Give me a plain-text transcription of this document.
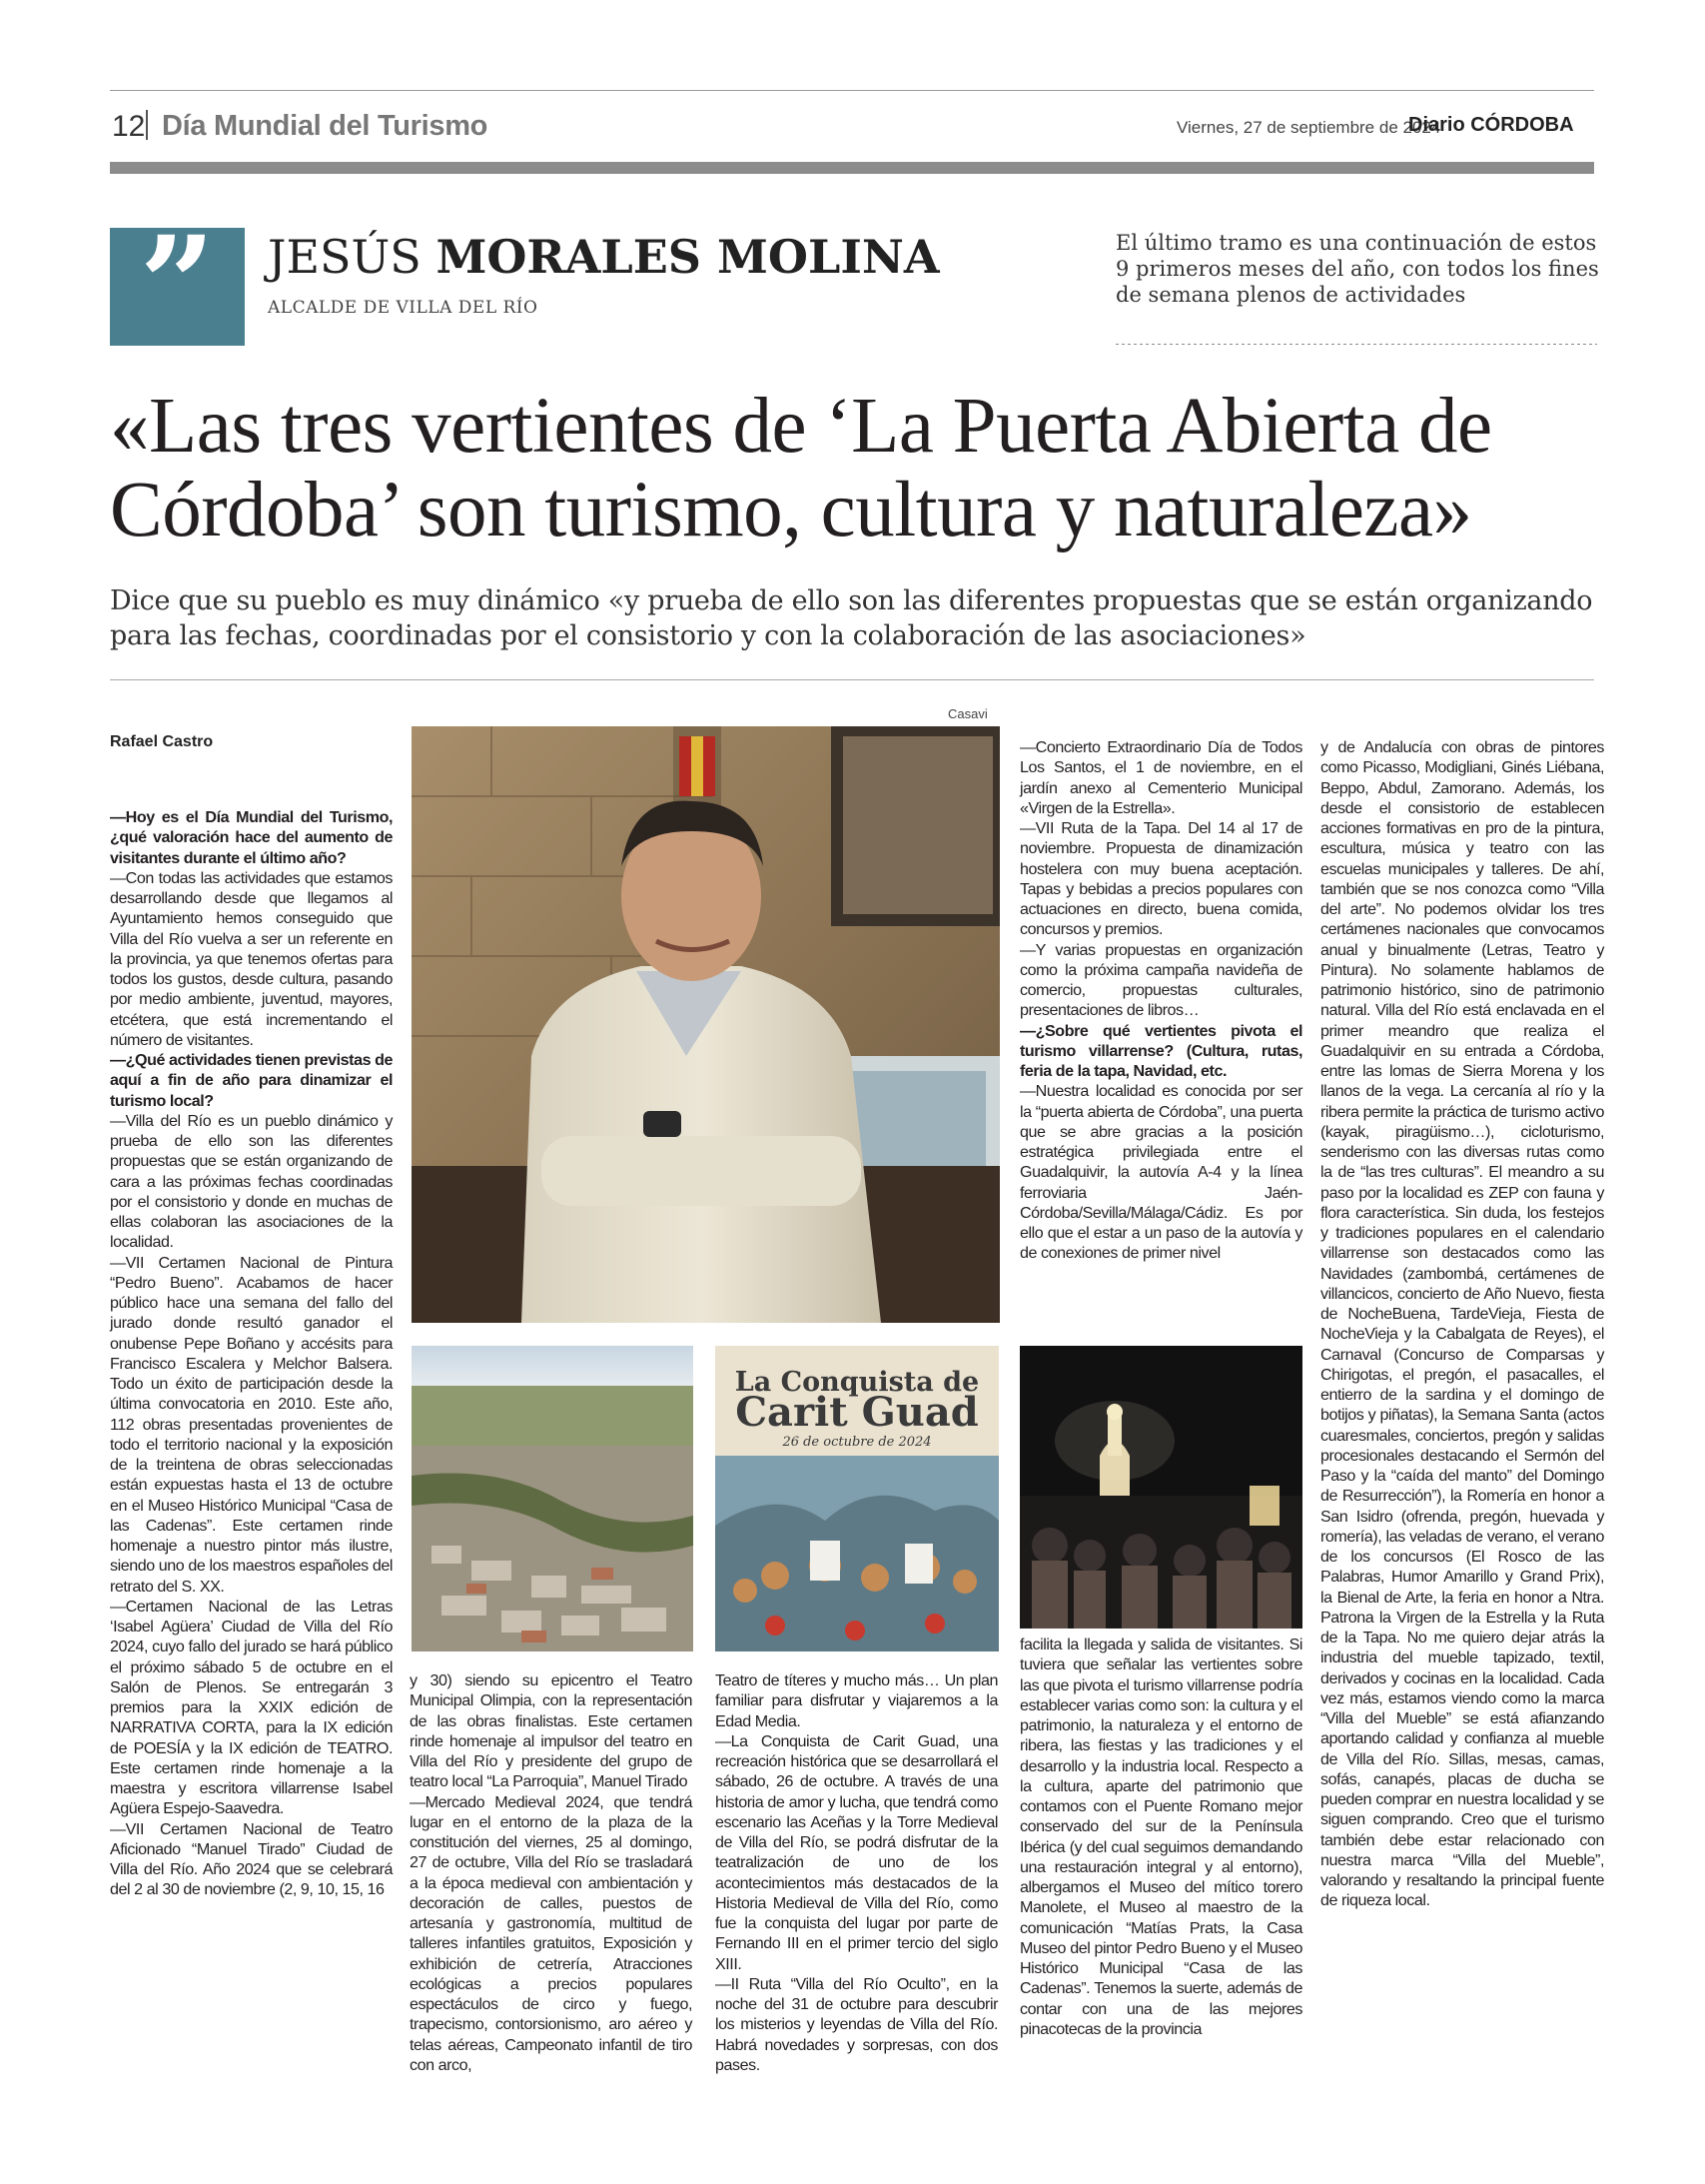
12 Día Mundial del Turismo	Viernes, 27 de septiembre de 2024
Diario CÓRDOBA
”	JESÚS MORALES MOLINA
ALCALDE DE VILLA DEL RÍO
El último tramo es una continuación de estos 9 primeros meses del año, con todos los fines de semana plenos de actividades
«Las tres vertientes de ‘La Puerta Abierta de Córdoba’ son turismo, cultura y naturaleza»
Dice que su pueblo es muy dinámico «y prueba de ello son las diferentes propuestas que se están organizando para las fechas, coordinadas por el consistorio y con la colaboración de las asociaciones»
Rafael Castro
Casavi
La Conquista de
Carit Guad
26 de octubre de 2024

—Hoy es el Día Mundial del Turismo, ¿qué valoración hace del aumento de visitantes durante el último año?

—Con todas las actividades que estamos desarrollando desde que llegamos al Ayuntamiento hemos conseguido que Villa del Río vuelva a ser un referente en la provincia, ya que tenemos ofertas para todos los gustos, desde cultura, pasando por medio ambiente, juventud, mayores, etcétera, que está incrementando el número de visitantes.

—¿Qué actividades tienen previstas de aquí a fin de año para dinamizar el turismo local?

—Villa del Río es un pueblo dinámico y prueba de ello son las diferentes propuestas que se están organizando de cara a las próximas fechas coordinadas por el consistorio y donde en muchas de ellas colaboran las asociaciones de la localidad.

—VII Certamen Nacional de Pintura “Pedro Bueno”. Acabamos de hacer público hace una semana del fallo del jurado donde resultó ganador el onubense Pepe Boñano y accésits para Francisco Escalera y Melchor Balsera. Todo un éxito de participación desde la última convocatoria en 2010. Este año, 112 obras presentadas provenientes de todo el territorio nacional y la exposición de la treintena de obras seleccionadas están expuestas hasta el 13 de octubre en el Museo Histórico Municipal “Casa de las Cadenas”. Este certamen rinde homenaje a nuestro pintor más ilustre, siendo uno de los maestros españoles del retrato del S. XX.

—Certamen Nacional de las Letras ‘Isabel Agüera’ Ciudad de Villa del Río 2024, cuyo fallo del jurado se hará público el próximo sábado 5 de octubre en el Salón de Plenos. Se entregarán 3 premios para la XXIX edición de NARRATIVA CORTA, para la IX edición de POESÍA y la IX edición de TEATRO. Este certamen rinde homenaje a la maestra y escritora villarrense Isabel Agüera Espejo-Saavedra.

—VII Certamen Nacional de Teatro Aficionado “Manuel Tirado” Ciudad de Villa del Río. Año 2024 que se celebrará del 2 al 30 de noviembre (2, 9, 10, 15, 16

y 30) siendo su epicentro el Teatro Municipal Olimpia, con la representación de las obras finalistas. Este certamen rinde homenaje al impulsor del teatro en Villa del Río y presidente del grupo de teatro local “La Parroquia”, Manuel Tirado

—Mercado Medieval 2024, que tendrá lugar en el entorno de la plaza de la constitución del viernes, 25 al domingo, 27 de octubre, Villa del Río se trasladará a la época medieval con ambientación y decoración de calles, puestos de artesanía y gastronomía, multitud de talleres infantiles gratuitos, Exposición y exhibición de cetrería, Atracciones ecológicas a precios populares espectáculos de circo y fuego, trapecismo, contorsionismo, aro aéreo y telas aéreas, Campeonato infantil de tiro con arco,

Teatro de títeres y mucho más… Un plan familiar para disfrutar y viajaremos a la Edad Media.

—La Conquista de Carit Guad, una recreación histórica que se desarrollará el sábado, 26 de octubre. A través de una historia de amor y lucha, que tendrá como escenario las Aceñas y la Torre Medieval de Villa del Río, se podrá disfrutar de la teatralización de uno de los acontecimientos más destacados de la Historia Medieval de Villa del Río, como fue la conquista del lugar por parte de Fernando III en el primer tercio del siglo XIII.

—II Ruta “Villa del Río Oculto”, en la noche del 31 de octubre para descubrir los misterios y leyendas de Villa del Río. Habrá novedades y sorpresas, con dos pases.

—Concierto Extraordinario Día de Todos Los Santos, el 1 de noviembre, en el jardín anexo al Cementerio Municipal «Virgen de la Estrella».

—VII Ruta de la Tapa. Del 14 al 17 de noviembre. Propuesta de dinamización hostelera con muy buena aceptación. Tapas y bebidas a precios populares con actuaciones en directo, buena comida, concursos y premios.

—Y varias propuestas en organización como la próxima campaña navideña de comercio, propuestas culturales, presentaciones de libros…

—¿Sobre qué vertientes pivota el turismo villarrense? (Cultura, rutas, feria de la tapa, Navidad, etc.

—Nuestra localidad es conocida por ser la “puerta abierta de Córdoba”, una puerta que se abre gracias a la posición estratégica privilegiada entre el Guadalquivir, la autovía A-4 y la línea ferroviaria Jaén-Córdoba/Sevilla/Málaga/Cádiz. Es por ello que el estar a un paso de la autovía y de conexiones de primer nivel

facilita la llegada y salida de visitantes. Si tuviera que señalar las vertientes sobre las que pivota el turismo villarrense podría establecer varias como son: la cultura y el patrimonio, la naturaleza y el entorno de ribera, las fiestas y las tradiciones y el desarrollo y la industria local. Respecto a la cultura, aparte del patrimonio que contamos con el Puente Romano mejor conservado del sur de la Península Ibérica (y del cual seguimos demandando una restauración integral y al entorno), albergamos el Museo del mítico torero Manolete, el Museo al maestro de la comunicación “Matías Prats, la Casa Museo del pintor Pedro Bueno y el Museo Histórico Municipal “Casa de las Cadenas”. Tenemos la suerte, además de contar con una de las mejores pinacotecas de la provincia

y de Andalucía con obras de pintores como Picasso, Modigliani, Ginés Liébana, Beppo, Abdul, Zamorano. Además, los desde el consistorio de establecen acciones formativas en pro de la pintura, escultura, música y teatro con las escuelas municipales y talleres. De ahí, también que se nos conozca como “Villa del arte”. No podemos olvidar los tres certámenes nacionales que convocamos anual y binualmente (Letras, Teatro y Pintura). No solamente hablamos de patrimonio histórico, sino de patrimonio natural. Villa del Río está enclavada en el primer meandro que realiza el Guadalquivir en su entrada a Córdoba, entre las lomas de Sierra Morena y los llanos de la vega. La cercanía al río y la ribera permite la práctica de turismo activo (kayak, piragüismo…), cicloturismo, senderismo con las diversas rutas como la de “las tres culturas”. El meandro a su paso por la localidad es ZEP con fauna y flora característica. Sin duda, los festejos y tradiciones populares en el calendario villarrense son destacados como las Navidades (zambombá, certámenes de villancicos, concierto de Año Nuevo, fiesta de NocheBuena, TardeVieja, Fiesta de NocheVieja y la Cabalgata de Reyes), el Carnaval (Concurso de Comparsas y Chirigotas, el pregón, el pasacalles, el entierro de la sardina y el domingo de botijos y piñatas), la Semana Santa (actos cuaresmales, conciertos, pregón y salidas procesionales destacando el Sermón del Paso y la “caída del manto” del Domingo de Resurrección”), la Romería en honor a San Isidro (ofrenda, pregón, huevada y romería), las veladas de verano, el verano de los concursos (El Rosco de las Palabras, Humor Amarillo y Grand Prix), la Bienal de Arte, la feria en honor a Ntra. Patrona la Virgen de la Estrella y la Ruta de la Tapa. No me quiero dejar atrás la industria del mueble tapizado, textil, derivados y cocinas en la localidad. Cada vez más, estamos viendo como la marca “Villa del Mueble” se está afianzando aportando calidad y confianza al mueble de Villa del Río. Sillas, mesas, camas, sofás, canapés, placas de ducha se pueden comprar en nuestra localidad y se siguen comprando. Creo que el turismo también debe estar relacionado con nuestra marca “Villa del Mueble”, valorando y resaltando la principal fuente de riqueza local.
